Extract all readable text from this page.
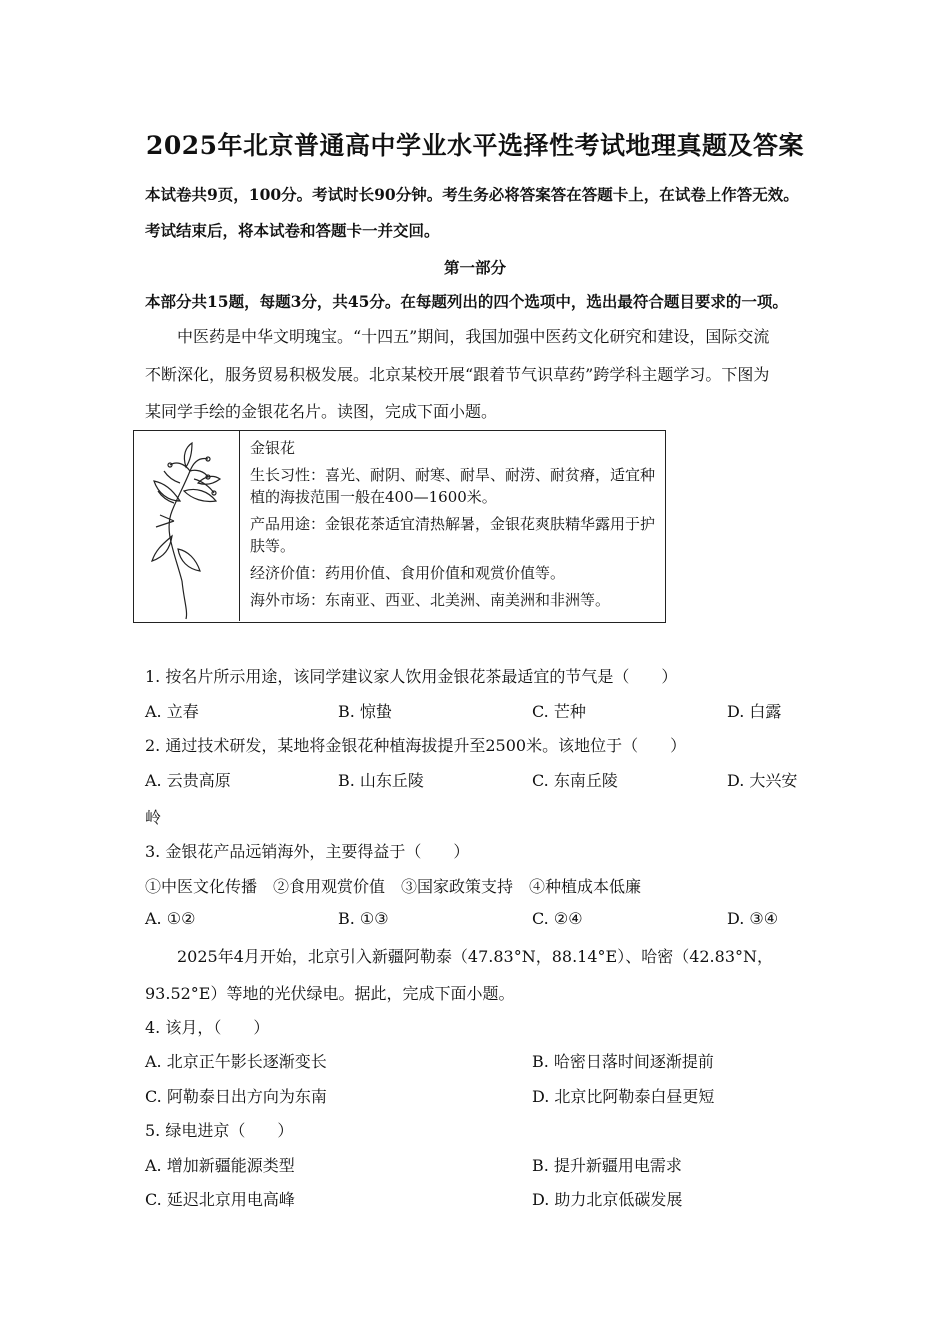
2025年北京普通高中学业水平选择性考试地理真题及答案
本试卷共9页，100分。考试时长90分钟。考生务必将答案答在答题卡上，在试卷上作答无效。
考试结束后，将本试卷和答题卡一并交回。
第一部分
本部分共15题，每题3分，共45分。在每题列出的四个选项中，选出最符合题目要求的一项。
中医药是中华文明瑰宝。“十四五”期间，我国加强中医药文化研究和建设，国际交流
不断深化，服务贸易积极发展。北京某校开展“跟着节气识草药”跨学科主题学习。下图为
某同学手绘的金银花名片。读图，完成下面小题。
金银花
生长习性：喜光、耐阴、耐寒、耐旱、耐涝、耐贫瘠，适宜种植的海拔范围一般在400—1600米。
产品用途：金银花茶适宜清热解暑，金银花爽肤精华露用于护肤等。
经济价值：药用价值、食用价值和观赏价值等。
海外市场：东南亚、西亚、北美洲、南美洲和非洲等。
1. 按名片所示用途，该同学建议家人饮用金银花茶最适宜的节气是（　　）
A. 立春	B. 惊蛰	C. 芒种	D. 白露
2. 通过技术研发，某地将金银花种植海拔提升至2500米。该地位于（　　）
A. 云贵高原	B. 山东丘陵	C. 东南丘陵	D. 大兴安
岭
3. 金银花产品远销海外，主要得益于（　　）
①中医文化传播　②食用观赏价值　③国家政策支持　④种植成本低廉
A. ①②	B. ①③	C. ②④	D. ③④
2025年4月开始，北京引入新疆阿勒泰（47.83°N，88.14°E）、哈密（42.83°N，
93.52°E）等地的光伏绿电。据此，完成下面小题。
4. 该月，（　　）
A. 北京正午影长逐渐变长	B. 哈密日落时间逐渐提前
C. 阿勒泰日出方向为东南	D. 北京比阿勒泰白昼更短
5. 绿电进京（　　）
A. 增加新疆能源类型	B. 提升新疆用电需求
C. 延迟北京用电高峰	D. 助力北京低碳发展
